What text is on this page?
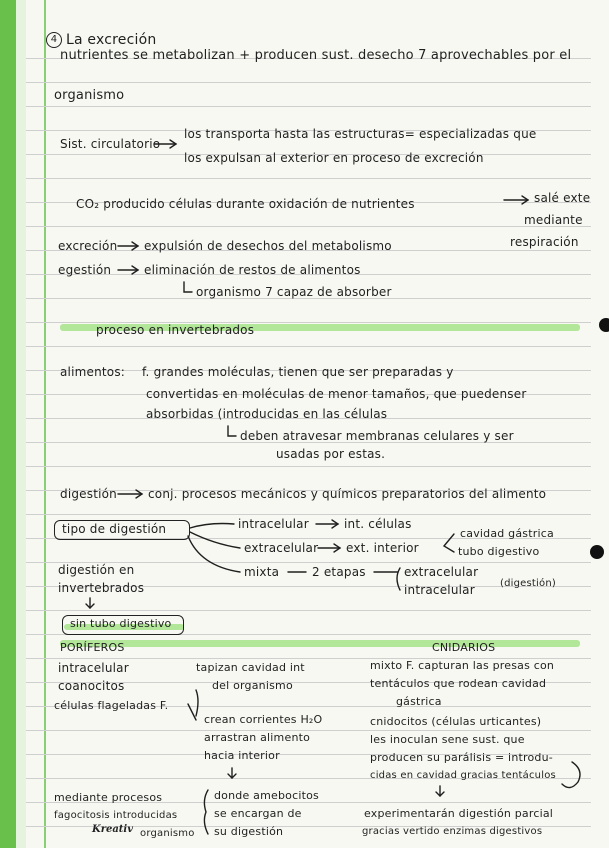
4 La excreción
nutrientes se metabolizan + producen sust. desecho 7 aprovechables por el
organismo
Sist. circulatorio
los transporta hasta las estructuras= especializadas que
los expulsan al exterior en proceso de excreción
CO₂ producido células durante oxidación de nutrientes	salé exte
mediante
respiración
excreción expulsión de desechos del metabolismo
egestión	eliminación de restos de alimentos
organismo 7 capaz de absorber
proceso en invertebrados
alimentos: f. grandes moléculas, tienen que ser preparadas y
convertidas en moléculas de menor tamaños, que puedenser
absorbidas (introducidas en las células
deben atravesar membranas celulares y ser
usadas por estas.
digestión	conj. procesos mecánicos y químicos preparatorios del alimento
tipo de digestión	intracelular	int. células
extracelular ext. interior
cavidad gástrica
tubo digestivo
mixta	2 etapas	extracelular
intracelular	(digestión)
digestión en
invertebrados
sin tubo digestivo
PORÍFEROS
intracelular
coanocitos
células flageladas F.
tapizan cavidad int
del organismo
crean corrientes H₂O
arrastran alimento
hacia interior
mediante procesos
fagocitosis introducidas
organismo
donde amebocitos
se encargan de
su digestión
Kreativ
CNIDARIOS
mixto F. capturan las presas con
tentáculos que rodean cavidad
gástrica
cnidocitos (células urticantes)
les inoculan sene sust. que
producen su parálisis = introdu-
cidas en cavidad gracias tentáculos
experimentarán digestión parcial
gracias vertido enzimas digestivos
